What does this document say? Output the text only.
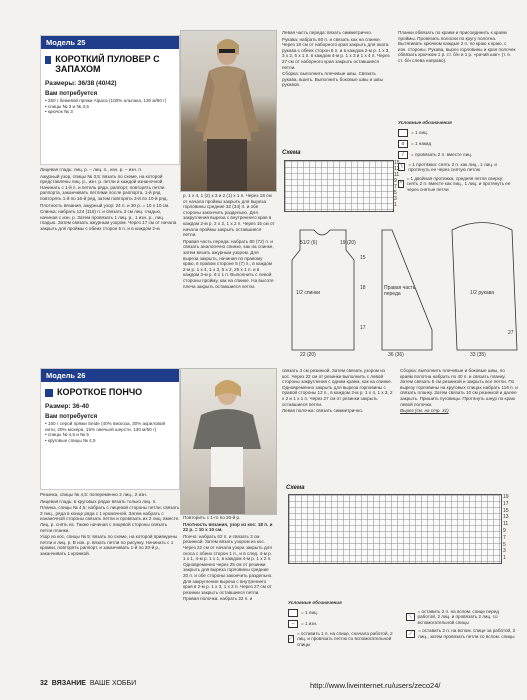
Модель 25
КОРОТКИЙ ПУЛОВЕР С ЗАПАХОМ
Размеры: 36/38 (40/42)
Вам потребуется
• 350 г бежевой пряжи Alpaca (100% альпака, 130 м/50 г)
• спицы № 3 и № 3,5
• крючок № 3

Лицевая гладь: лиц. р. – лиц. п., изн. р. – изн. п.

Ажурный узор, спицы № 3,5: вязать по схеме, на которой представлены лиц. р., изн. р. петли и каждой изнаночной. Начинать с 1-й п. и петель ряда, раппорт, повторять петли раппорта, заканчивать петлями после раппорта. 1-й ряд повторять 1-й по 16-й ряд, затем повторять 3-й по 10-й ряд.

Плотность вязания, ажурный узор: 24 п. и 30 р. = 10 х 10 см.

Спинка: набрать 124 (116) п. и связать 3 см лиц. гладью, начиная с изн. р. Затем провязать 1 лиц. р., 1 изн. р., лиц. гладью. Затем связать ажурным узором. Через 17 см от начала закрыть для проймы с обеих сторон 5 п. и в каждом 2-м

р. 1 х 4, 1 (2) х 3 и 2 (1) х 1 п. Через 18 см от начала проймы закрыть для выреза горловины средние 32 (34) п. и обе стороны закончить раздельно. Для закругления выреза с внутреннего края в каждом 2-м р. 2 х 2, 1 х 2 п. Через 15 см от начала проймы закрыть оставшиеся петли.

Правая часть переда: набрать 80 (72) п. и связать аналогично спинке, как на спинке, затем вязать ажурным узором. Для выреза закрыть, начиная по правому краю, в правом стороне 5 (7) п., в каждом 2-м р. 1 х 4, 1 х 3, 5 х 2, 25 х 1 п. и в каждом 3-м р. 6 х 1 п. Выполнить с левой стороны пройму, как на спинке. На высоте плеча закрыть оставшиеся петли.

Левая часть переда: вязать симметрично.

Рукава: набрать 80 п. и связать как на спинке. Через 18 см от наборного края закрыть для окатa рукава с обеих сторон 6 п. и в каждом 2-м р. 1 х 3, 3 х 2, 5 х 1 п. в каждом 4-м р. 1 х 3 и 1 х 4 п. Через 27 см от наборного края закрыть оставшиеся петли.

Сборка: выполнить плечевые швы. Связать рукава, вшить. Выполнить боковые швы и швы рукавов.

Планки обвязать по краям и присоединить к краям проймы. Провязать полоски по кругу полотна. Вытягивать крючком каждые 2 п. по краю к краю, с изн. стороны. Рукава, вырез горловины и края полочек обвязать крючком 1 р. ст. б/н и 1 р. «рачий шаг» (т. е. ст. б/н слева направо).

Условные обозначения
= 1 лиц.
o	= 1 накид
/	= провязать 2 п. вместе лиц.
\
= 1 протяжка: снять 2 п. как лиц., 1 лиц. и протянуть ее через снятую петлю
^
= 1 двойная протяжка, средняя петля сверху: снять 2 п. вместе как лиц., 1 лиц. и протянуть ее через снятые петли
Схема
15
13
11
9
7
5
3
1
1/2 спинки
Правая часть переда	1/2 рукава
22 (20)
51/2 (6)	19 (20)
15
18
17
36 (36)
27
33 (35)
Модель 26
КОРОТКОЕ ПОНЧО
Размер: 36-40
Вам потребуется
• 150 г серой пряжи Seide (40% вискоза, 30% акриловой нити, 20% мохера, 15% овечьей шерсти, 130 м/50 г)
• спицы № 4,5 и № 5
• круговые спицы № 4,5

Резинка, спицы № 4,5: попеременно 2 лиц., 2 изн.

Лицевая гладь: в круговых рядах вязать только лиц. п.

Планка, спицы № 4,5: набрать с лицевой стороны петли: связать 3 лиц., ряда в конце ряда с 1 кромочной. Затем набрать с изнаночной стороны связать петли и провязать их 2 лиц. вместе. Лиц. р. снять из. Также начиная с лицевой стороны связать петли планки.

Узор из кос, спицы № 5: вязать по схеме, на которой приведены петли и лиц. р. В изн. р. вязать петли по рисунку. Начинать с 1 кромки, повторять раппорт, и заканчивать 1-й по 20-й р., заканчивать 1 кромкой.

Повторить с 1-го по 20-й р.

Плотность вязания, узор из кос: 18 п. и 22 р. = 10 х 10 см.

Пончо: набрать 62 п. и связать 3 см резинкой. Затем вязать узором из кос. Через 22 см от начала узора закрыть для скоса с обеих сторон 1 п., и в след. 4-м р. 1 х 1, 4-м р. 1 х 1, в каждом 4-м р. 1 х 2 п. Одновременно через 25 см от резинки закрыть для выреза горловины средние 20 п. и обе стороны закончить раздельно. Для закругления выреза с внутреннего края в 2-м р. 1 х 3, 1 х 2 п. Через 27 см от резинки закрыть оставшиеся петли.

Правая полочка: набрать 22 п. и

связать 3 см резинкой. Затем связать узором из кос. Через 22 см от резинки выполнить с левой стороны закругления с одним краем, как на спинке. Одновременно закрыть для выреза горловины с правой стороны 12 п., в каждом 2-м р. 1 х 4, 1 х 3, 2 х 2 и 1 х 1 п. Через 27 см от резинки закрыть оставшиеся петли.

Левая полочка: связать симметрично.

Сборка: выполнить плечевые и боковые швы, по краям полотна набрать по 40 п. и связать планку. Затем связать 5 см резинкой и закрыть все петли. По вырезу горловины на круговых спицах набрать 116 п. и связать планку. Затем связать 10 см резинкой и далее закрыть. Пришить пуговицы. Протянуть шнур по краю левой полочки.

Вырез (см. на стр. 31)

Схема
19
17
15
13
11
9
7
5
3
1
Условные обозначения
= 1 лиц.
–	= 1 изн.
⟋
= оставить 1 п. на спице, сначала работой, 2 лиц. и провязать петлю со вспомогательной спицы
⟍
= оставить 2 п. на вспом. спице перед работой, 2 лиц. и провязать 2 лиц. со вспомогательной спицы
⟋
= оставить 2 п. на вспом. спице за работой, 2 лиц., затем провязать петли со вспом. спицы
32 ВЯЗАНИЕ ВАШЕ ХОББИ	http://www.liveinternet.ru/users/zeco24/
